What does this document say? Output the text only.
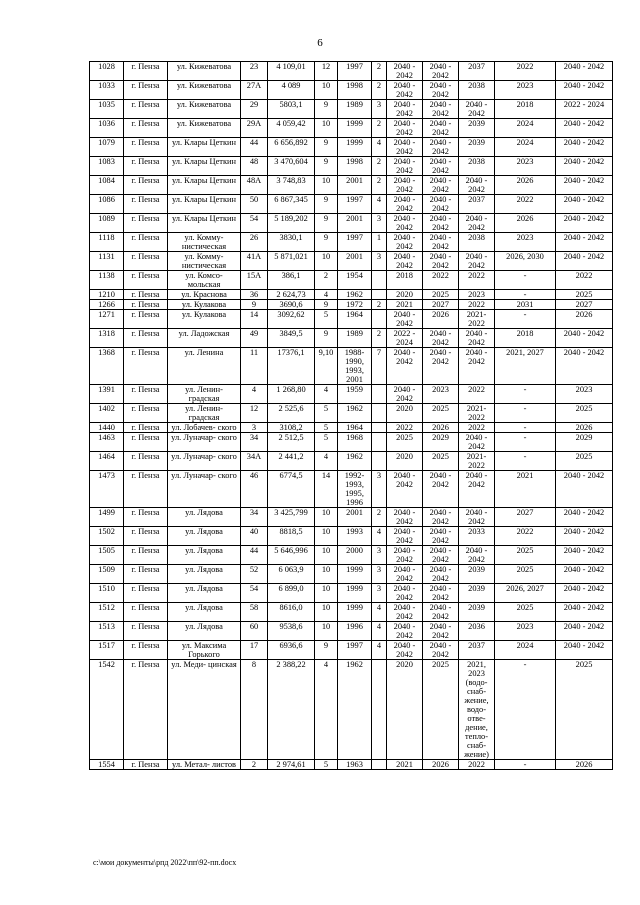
6
1028	г. Пенза	ул. Кижеватова	23	4 109,01	12	1997	2	2040 - 2042	2040 - 2042	2037	2022	2040 - 2042
1033	г. Пенза	ул. Кижеватова	27А	4 089	10	1998	2	2040 - 2042	2040 - 2042	2038	2023	2040 - 2042
1035	г. Пенза	ул. Кижеватова	29	5803,1	9	1989	3	2040 - 2042	2040 - 2042	2040 - 2042	2018	2022 - 2024
1036	г. Пенза	ул. Кижеватова	29А	4 059,42	10	1999	2	2040 - 2042	2040 - 2042	2039	2024	2040 - 2042
1079	г. Пенза	ул. Клары Цеткин	44	6 656,892	9	1999	4	2040 - 2042	2040 - 2042	2039	2024	2040 - 2042
1083	г. Пенза	ул. Клары Цеткин	48	3 470,604	9	1998	2	2040 - 2042	2040 - 2042	2038	2023	2040 - 2042
1084	г. Пенза	ул. Клары Цеткин	48А	3 748,83	10	2001	2	2040 - 2042	2040 - 2042	2040 - 2042	2026	2040 - 2042
1086	г. Пенза	ул. Клары Цеткин	50	6 867,345	9	1997	4	2040 - 2042	2040 - 2042	2037	2022	2040 - 2042
1089	г. Пенза	ул. Клары Цеткин	54	5 189,202	9	2001	3	2040 - 2042	2040 - 2042	2040 - 2042	2026	2040 - 2042
1118	г. Пенза	ул. Комму- нистическая	26	3830,1	9	1997	1	2040 - 2042	2040 - 2042	2038	2023	2040 - 2042
1131	г. Пенза	ул. Комму- нистическая	41А	5 871,021	10	2001	3	2040 - 2042	2040 - 2042	2040 - 2042	2026, 2030	2040 - 2042
1138	г. Пенза	ул. Комсо- мольская	15А	386,1	2	1954		2018	2022	2022	-	2022
1210	г. Пенза	ул. Краснова	36	2 624,73	4	1962		2020	2025	2023	-	2025
1266	г. Пенза	ул. Кулакова	9	3690,6	9	1972	2	2021	2027	2022	2031	2027
1271	г. Пенза	ул. Кулакова	14	3092,62	5	1964		2040 - 2042	2026	2021- 2022	-	2026
1318	г. Пенза	ул. Ладожская	49	3849,5	9	1989	2	2022 - 2024	2040 - 2042	2040 - 2042	2018	2040 - 2042
1368	г. Пенза	ул. Ленина	11	17376,1	9,10	1988- 1990, 1993, 2001	7	2040 - 2042	2040 - 2042	2040 - 2042	2021, 2027	2040 - 2042
1391	г. Пенза	ул. Ленин- градская	4	1 268,80	4	1959		2040 - 2042	2023	2022	-	2023
1402	г. Пенза	ул. Ленин- градская	12	2 525,6	5	1962		2020	2025	2021- 2022	-	2025
1440	г. Пенза	ул. Лобачев- ского	3	3108,2	5	1964		2022	2026	2022	-	2026
1463	г. Пенза	ул. Луначар- ского	34	2 512,5	5	1968		2025	2029	2040 - 2042	-	2029
1464	г. Пенза	ул. Луначар- ского	34А	2 441,2	4	1962		2020	2025	2021- 2022	-	2025
1473	г. Пенза	ул. Луначар- ского	46	6774,5	14	1992- 1993, 1995, 1996	3	2040 - 2042	2040 - 2042	2040 - 2042	2021	2040 - 2042
1499	г. Пенза	ул. Лядова	34	3 425,799	10	2001	2	2040 - 2042	2040 - 2042	2040 - 2042	2027	2040 - 2042
1502	г. Пенза	ул. Лядова	40	8818,5	10	1993	4	2040 - 2042	2040 - 2042	2033	2022	2040 - 2042
1505	г. Пенза	ул. Лядова	44	5 646,996	10	2000	3	2040 - 2042	2040 - 2042	2040 - 2042	2025	2040 - 2042
1509	г. Пенза	ул. Лядова	52	6 063,9	10	1999	3	2040 - 2042	2040 - 2042	2039	2025	2040 - 2042
1510	г. Пенза	ул. Лядова	54	6 899,0	10	1999	3	2040 - 2042	2040 - 2042	2039	2026, 2027	2040 - 2042
1512	г. Пенза	ул. Лядова	58	8616,0	10	1999	4	2040 - 2042	2040 - 2042	2039	2025	2040 - 2042
1513	г. Пенза	ул. Лядова	60	9538,6	10	1996	4	2040 - 2042	2040 - 2042	2036	2023	2040 - 2042
1517	г. Пенза	ул. Максима Горького	17	6936,6	9	1997	4	2040 - 2042	2040 - 2042	2037	2024	2040 - 2042
1542	г. Пенза	ул. Меди- цинская	8	2 388,22	4	1962		2020	2025	2021, 2023 (водо- снаб- жение, водо- отве- дение, тепло- снаб- жение)	-	2025
1554	г. Пенза	ул. Метал- листов	2	2 974,61	5	1963		2021	2026	2022	-	2026
c:\мои документы\рпд 2022\пп\92-пп.docx
